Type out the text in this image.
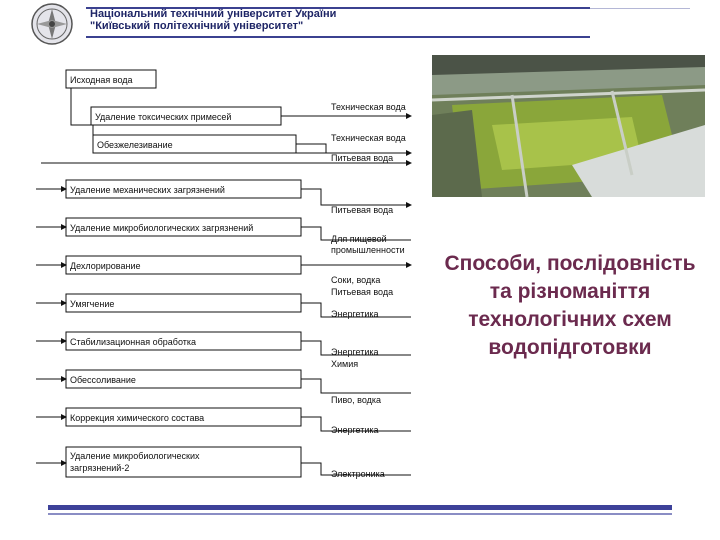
Національний технічний університет України
"Київський політехнічний університет"
Исходная вода
Удаление токсических примесей
Обезжелезивание
Удаление механических загрязнений
Удаление микробиологических загрязнений
Дехлорирование
Умягчение
Стабилизационная обработка
Обессоливание
Коррекция химического состава
Удаление микробиологических
загрязнений-2
Техническая вода
Техническая вода
Питьевая вода
Питьевая вода
Для пищевой
промышленности
Соки, водка
Питьевая вода
Энергетика
Энергетика
Химия
Пиво, водка
Энергетика
Электроника
Способи, послідовність
та різноманіття
технологічних схем
водопідготовки
